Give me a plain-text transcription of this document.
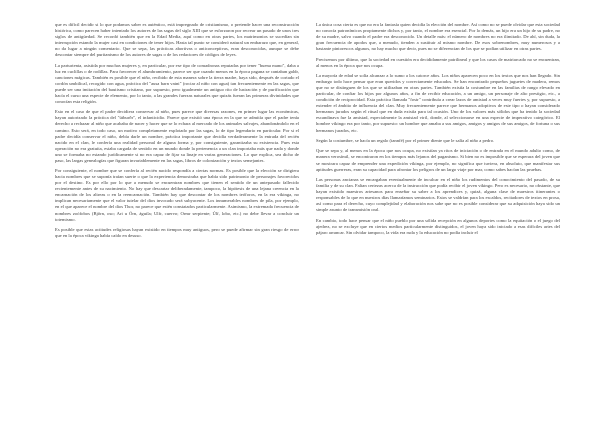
que es difícil decidir si lo que podamos saber es auténtico, está impregnado de cristianismo, o pretende hacer una reconstrucción histórica, como parecen haber intentado los autores de las sagas del siglo XIII que se esforzaron por recrear un pasado de unos tres siglos de antigüedad. Se recordó también que en la Edad Media, aquí como en otras partes, los matrimonios se sucedían sin interrupción estando la mujer casi en condiciones de tener hijos. Hasta tal punto se consideró natural un embarazo que, en general, no da lugar a ningún comentario. Que se sepa, las prácticas abortivas o anticonceptivas, eran desconocidas, aunque se debe descontar siempre del puritanismo de los autores de sagas o de los redactores de códigos de leyes.

La parturienta, asistida por muchas mujeres y, en particular, por ese tipo de comadronas reputadas por tener "buena mano", daba a luz en cuclillas o de rodillas. Para favorecer el alumbramiento, parece ser que cuando menos en la época pagana se cantaban galdr, canciones mágicas. También es posible que el niño, recibido de esta manera sobre la tierra madre, haya sido, después de cortado el cordón umbilical, recogido con agua, práctica del "ausa barn vatni" (rociar al niño con agua) tan frecuentemente en las sagas, que puede ser una imitación del bautismo cristiano, por supuesto, pero igualmente un antiguo rito de lustración y de purificación que hacía el curso una especie de elemento, por lo tanto, a las grandes fuerzas naturales que quizás fueran las primeras divinidades que conocían esta religión.

Esto en el caso de que el padre decidiera conservar al niño, pues parece que diversas razones, en primer lugar las económicas, hayan autorizado la práctica del "útburðr", el infanticidio. Parece que existió una época en la que se admitía que el padre tenía derecho a rechazar al niño que acababa de nacer y hacer que se lo echara al mercado de los animales salvajes, abandonándolo en el camino. Esto será, en todo caso, un motivo completamente explotado por las sagas, lo de tipo legendario en particular. Por si el padre decidía conservar el niño, debía darle un nombre, práctica importante que decidía verdaderamente la entrada del recién nacido en el clan, le confería una realidad personal de alguna forma y, por consiguiente, garantizaba su existencia. Pues esta operación no era gratuita, estaba cargada de sentido en un mundo donde la pertenencia a un clan importaba más que nada y donde uno se formaba no estando jurídicamente si no era capaz de fijar su linaje en varias generaciones. Lo que explica, sea dicho de paso, las largas genealogías que figuran invariablemente en las sagas, libros de colonización y textos semejantes.

Por consiguiente, el nombre que se confería al recién nacido respondía a ciertas normas. Es posible que la elección se dirigiera hacia nombres que se suponía traían suerte o que la experiencia demostraba que había sido patrimonio de personajes favorecidos por el destino. Es por ello por lo que a menudo se encuentran nombres que tienen el sentido de un antepasado fallecido recientemente antes de su nacimiento. No hay que descartar deliberadamente, tampoco, la hipótesis de una lejana creencia en la encarnación de los altreas o en la reencarnación. También hay que descontar de los nombres teóforos, en la era vikinga, no implican necesariamente que el valor tutelar del dios invocado será subyacente. Los innumerables nombres de pila, por ejemplo, en el que aparece el nombre del dios Thor, no parece que estén constatados particularmente. Asimismo, la extremada frecuencia de nombres zoófobos (Bjôrn, oso; Ari u Örn, águila; Ulfr, cuervo; Ormr serpiente; Úlf, lobo, etc.) no debe llevar a concluir un totemismo.

Es posible que estas actitudes religiosas hayan existido en tiempos muy antiguos, pero se puede afirmar sin gran riesgo de error que en la época vikinga había caído en desuso.

La única cosa cierta es que no era la fantasía quien decidía la elección del nombre. Así como no se puede olvidar que esta sociedad no conocía patronímicos propiamente dichos y, por tanto, el nombre era esencial. Por lo demás, un hijo era un hijo de su padre, no de su madre, salvo cuando el padre era desconocido. Un detalle más: el número de nombres no era ilimitado. De ahí, sin duda, la gran frecuencia de apodos que, a menudo, tienden a sustituir al mismo nombre. De esos sobrenombres, muy numerosos y a bastante pintorescos algunos, no hay mucho que decir, pues no se diferencian de los que se podían utilizar en otras partes.

Precisemos por último, que la sociedad en cuestión era decididamente patrilineal y que los casos de matriarcado no se encuentran, al menos en la época que nos ocupa.

La mayoría de edad se solía alcanzar a lo sumo a los catorce años. Los niños aparecen poco en los textos que nos han llegado. Sin embargo todo hace pensar que eran queridos y correctamente educados. Se han encontrado pequeños juguetes de madera, remos que no se distinguen de los que se utilizaban en otras partes. También existía la costumbre en las familias de rango elevado en particular, de confiar los hijos por algunos años, a fin de recibir educación, a un amigo, un personaje de alto prestigio, etc., a condición de reciprocidad. Esta práctica llamada "fostr" contribuía a crear lazos de amistad a veces muy fuertes y, por supuesto, a extender el ámbito de influencia del clan. Muy frecuentemente parece que hermanos adoptivos de este tipo o hayan considerado hermanos jurados según el ritual que en duda existía para tal ocasión. Uno de los valores más sólidos que ha tenido la sociedad escandinava fue la amistad, especialmente la amistad viril, donde, al seleccionarse en una especie de imperativo categórico. El hombre vikingo era por tanto, por supuesto: un hombre que amaba a sus amigos, amigos y amigos de sus amigos, de fortuna o sus hermanos jurados, etc.

Según la costumbre, se hacía un regalo (tannfé) por el primer diente que le salía al niño a pedro.

Que se sepa y, al menos en la época que nos ocupa, no existían ya ritos de iniciación o de entrada en el mundo adulto como, de manera verosímil, se encontraron en los tiempos más lejanos del paganismo. Si bien no es imposible que se esperara del joven que se mostrara capaz de emprender una expedición vikinga, por ejemplo, no significa que tuviera, en absoluto, que manifestar sus aptitudes guerreras, eran su capacidad para afrontar los peligros de un largo viaje por mar, como sabes hacían las pruebas.

Las personas ancianas se encargaban eventualmente de inculcar en el niño los rudimentos del conocimiento del pasado, de su familia y de su clan. Faltan certezas acerca de la instrucción que podía recibir el joven vikingo. Pero es necesario, no obstante, que hayan existido maestros artesanos para enseñar su saber a los aprendices y, quizá, alguna clase de maestros itinerantes o responsables de lo que en nuestros días llamaríamos seminarios. Estos se valdrían para los escaldos, recitadores de textos en prosa, así como para el derecho, cuyo complejidad y elaboración nos sabe que no es posible considerar que su adquisición haya sido un simple asunto de transmisión oral.

En cambio, todo hace pensar que el niño pueblo por una sólida recepción en algunos deportes como la equitación o el juego del ajedrez, no se excluye que en ciertos medios particularmente distinguidos, el joven haya sido iniciado a esas difíciles artes del pájaro arrancar. Sin olvidar tampoco, la vida era ruda y la educación no podía incluir el
